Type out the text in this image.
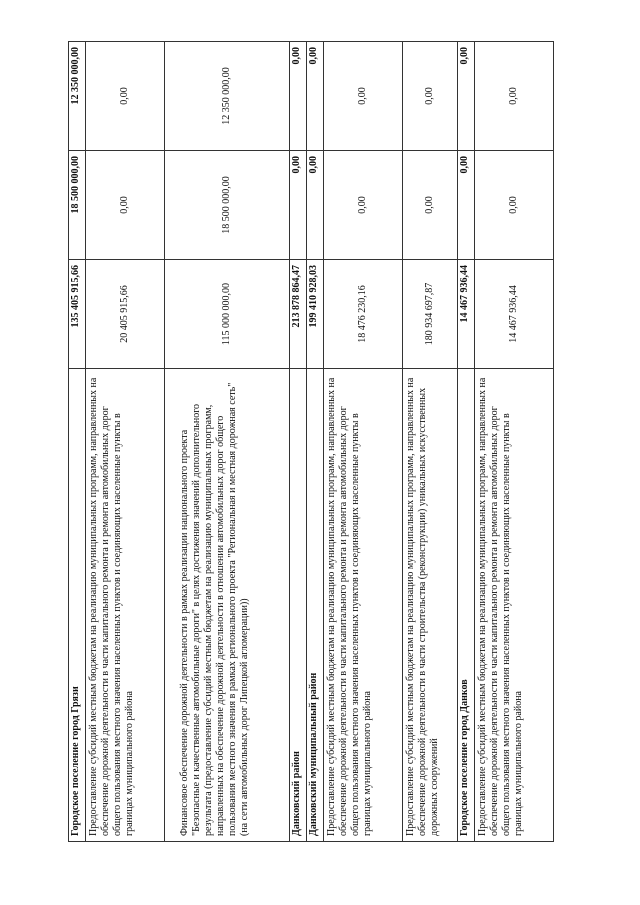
Городское поселение город Грязи	135 405 915,66	18 500 000,00	12 350 000,00
Предоставление субсидий местным бюджетам на реализацию муниципальных программ, направленных на обеспечение дорожной деятельности в части капитального ремонта и ремонта автомобильных дорог общего пользования местного значения населенных пунктов и соединяющих населенные пункты в границах муниципального района	20 405 915,66	0,00	0,00
Финансовое обеспечение дорожной деятельности в рамках реализации национального проекта "Безопасные и качественные автомобильные дороги" в целях достижения значений дополнительного результата (предоставление субсидий местным бюджетам на реализацию муниципальных программ, направленных на обеспечение дорожной деятельности в отношении автомобильных дорог общего пользования местного значения в рамках регионального проекта "Региональная и местная дорожная сеть" (на сети автомобильных дорог Липецкой агломерации))	115 000 000,00	18 500 000,00	12 350 000,00
Данковский район	213 878 864,47	0,00	0,00
Данковский муниципальный район	199 410 928,03	0,00	0,00
Предоставление субсидий местным бюджетам на реализацию муниципальных программ, направленных на обеспечение дорожной деятельности в части капитального ремонта и ремонта автомобильных дорог общего пользования местного значения населенных пунктов и соединяющих населенные пункты в границах муниципального района	18 476 230,16	0,00	0,00
Предоставление субсидий местным бюджетам на реализацию муниципальных программ, направленных на обеспечение дорожной деятельности в части строительства (реконструкции) уникальных искусственных дорожных сооружений	180 934 697,87	0,00	0,00
Городское поселение город Данков	14 467 936,44	0,00	0,00
Предоставление субсидий местным бюджетам на реализацию муниципальных программ, направленных на обеспечение дорожной деятельности в части капитального ремонта и ремонта автомобильных дорог общего пользования местного значения населенных пунктов и соединяющих населенные пункты в границах муниципального района	14 467 936,44	0,00	0,00
